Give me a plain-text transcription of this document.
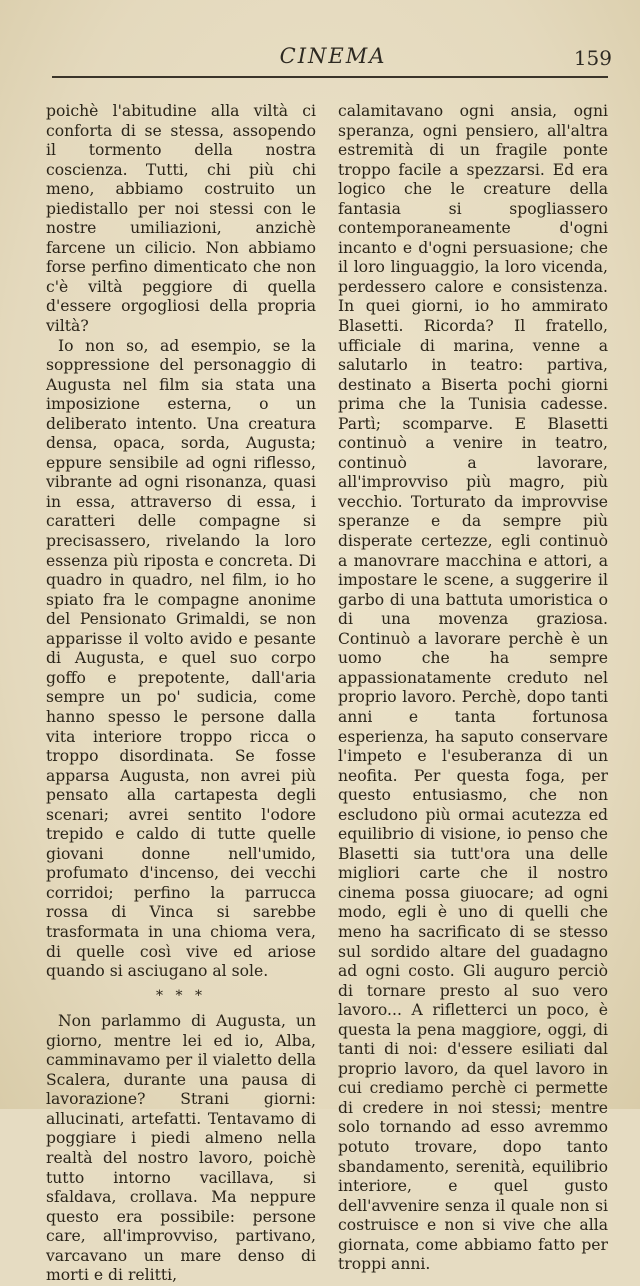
CINEMA	159

poichè l'abitudine alla viltà ci conforta di se stessa, assopendo il tormento della nostra coscienza. Tutti, chi più chi meno, abbiamo costruito un piedistallo per noi stessi con le nostre umiliazioni, anzichè farcene un cilicio. Non abbiamo forse perfino dimenticato che non c'è viltà peggiore di quella d'essere orgogliosi della propria viltà?

Io non so, ad esempio, se la soppressione del personaggio di Augusta nel film sia stata una imposizione esterna, o un deliberato intento. Una creatura densa, opaca, sorda, Augusta; eppure sensibile ad ogni riflesso, vibrante ad ogni risonanza, quasi in essa, attraverso di essa, i caratteri delle compagne si precisassero, rivelando la loro essenza più riposta e concreta. Di quadro in quadro, nel film, io ho spiato fra le compagne anonime del Pensionato Grimaldi, se non apparisse il volto avido e pesante di Augusta, e quel suo corpo goffo e prepotente, dall'aria sempre un po' sudicia, come hanno spesso le persone dalla vita interiore troppo ricca o troppo disordinata. Se fosse apparsa Augusta, non avrei più pensato alla cartapesta degli scenari; avrei sentito l'odore trepido e caldo di tutte quelle giovani donne nell'umido, profumato d'incenso, dei vecchi corridoi; perfino la parrucca rossa di Vinca si sarebbe trasformata in una chioma vera, di quelle così vive ed ariose quando si asciugano al sole.

* * *

Non parlammo di Augusta, un giorno, mentre lei ed io, Alba, camminavamo per il vialetto della Scalera, durante una pausa di lavorazione? Strani giorni: allucinati, artefatti. Tentavamo di poggiare i piedi almeno nella realtà del nostro lavoro, poichè tutto intorno vacillava, si sfaldava, crollava. Ma neppure questo era possibile: persone care, all'improvviso, partivano, varcavano un mare denso di morti e di relitti,

calamitavano ogni ansia, ogni speranza, ogni pensiero, all'altra estremità di un fragile ponte troppo facile a spezzarsi. Ed era logico che le creature della fantasia si spogliassero contemporaneamente d'ogni incanto e d'ogni persuasione; che il loro linguaggio, la loro vicenda, perdessero calore e consistenza. In quei giorni, io ho ammirato Blasetti. Ricorda? Il fratello, ufficiale di marina, venne a salutarlo in teatro: partiva, destinato a Biserta pochi giorni prima che la Tunisia cadesse. Partì; scomparve. E Blasetti continuò a venire in teatro, continuò a lavorare, all'improvviso più magro, più vecchio. Torturato da improvvise speranze e da sempre più disperate certezze, egli continuò a manovrare macchina e attori, a impostare le scene, a suggerire il garbo di una battuta umoristica o di una movenza graziosa. Continuò a lavorare perchè è un uomo che ha sempre appassionatamente creduto nel proprio lavoro. Perchè, dopo tanti anni e tanta fortunosa esperienza, ha saputo conservare l'impeto e l'esuberanza di un neofita. Per questa foga, per questo entusiasmo, che non escludono più ormai acutezza ed equilibrio di visione, io penso che Blasetti sia tutt'ora una delle migliori carte che il nostro cinema possa giuocare; ad ogni modo, egli è uno di quelli che meno ha sacrificato di se stesso sul sordido altare del guadagno ad ogni costo. Gli auguro perciò di tornare presto al suo vero lavoro... A rifletterci un poco, è questa la pena maggiore, oggi, di tanti di noi: d'essere esiliati dal proprio lavoro, da quel lavoro in cui crediamo perchè ci permette di credere in noi stessi; mentre solo tornando ad esso avremmo potuto trovare, dopo tanto sbandamento, serenità, equilibrio interiore, e quel gusto dell'avvenire senza il quale non si costruisce e non si vive che alla giornata, come abbiamo fatto per troppi anni.
